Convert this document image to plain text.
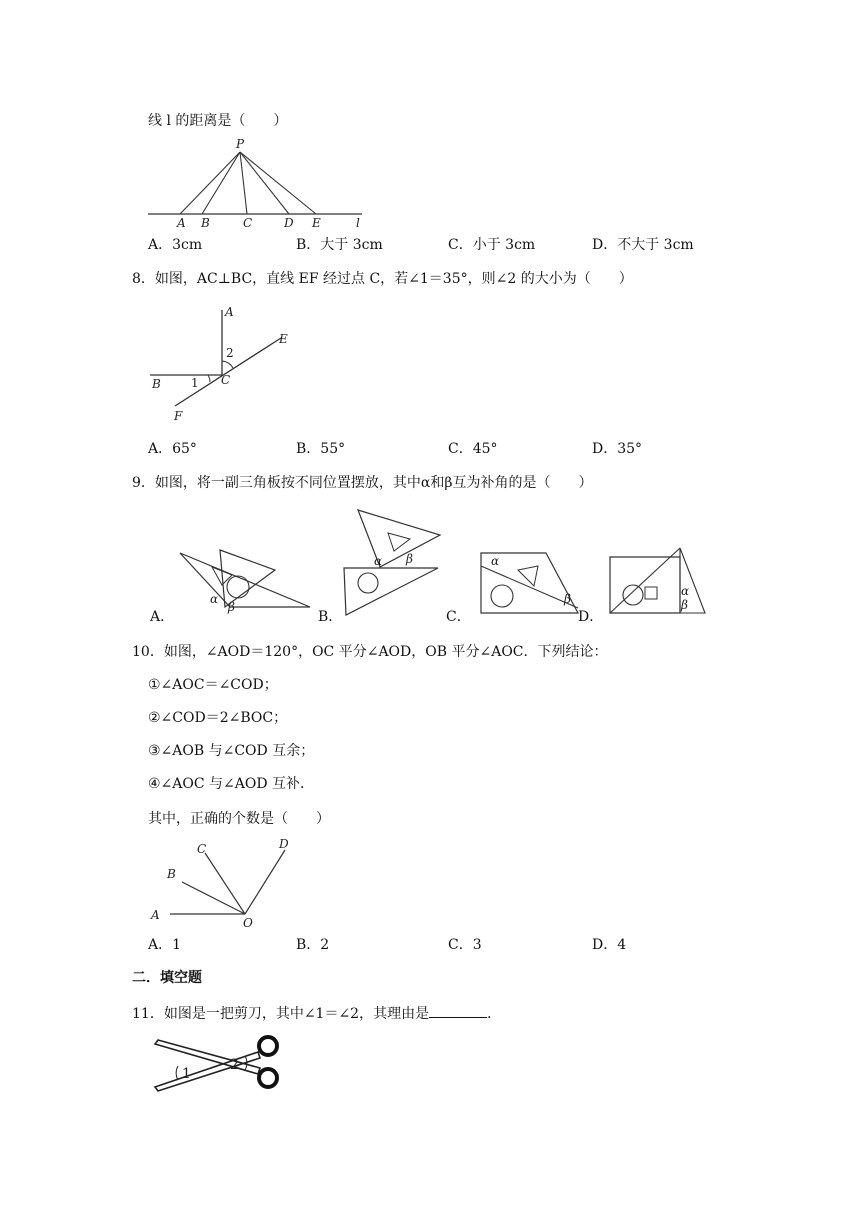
线 l 的距离是（　　）
P
A B	C	D E	l
A．3cm	B．大于 3cm	C．小于 3cm	D．不大于 3cm
8．如图，AC⊥BC，直线 EF 经过点 C，若∠1＝35°，则∠2 的大小为（　　）
A
E
2
B	1 C
F
A．65°	B．55°	C．45°	D．35°
9．如图，将一副三角板按不同位置摆放，其中α和β互为补角的是（　　）
α
β
A．
α β
B．
α
β
C．
α
β
D．
10．如图，∠AOD＝120°，OC 平分∠AOD，OB 平分∠AOC．下列结论：
①∠AOC＝∠COD；
②∠COD＝2∠BOC；
③∠AOB 与∠COD 互余；
④∠AOC 与∠AOD 互补．
其中，正确的个数是（　　）
A
B
C	D
O
A．1	B．2	C．3	D．4
二．填空题
11．如图是一把剪刀，其中∠1＝∠2，其理由是	．
1
2
